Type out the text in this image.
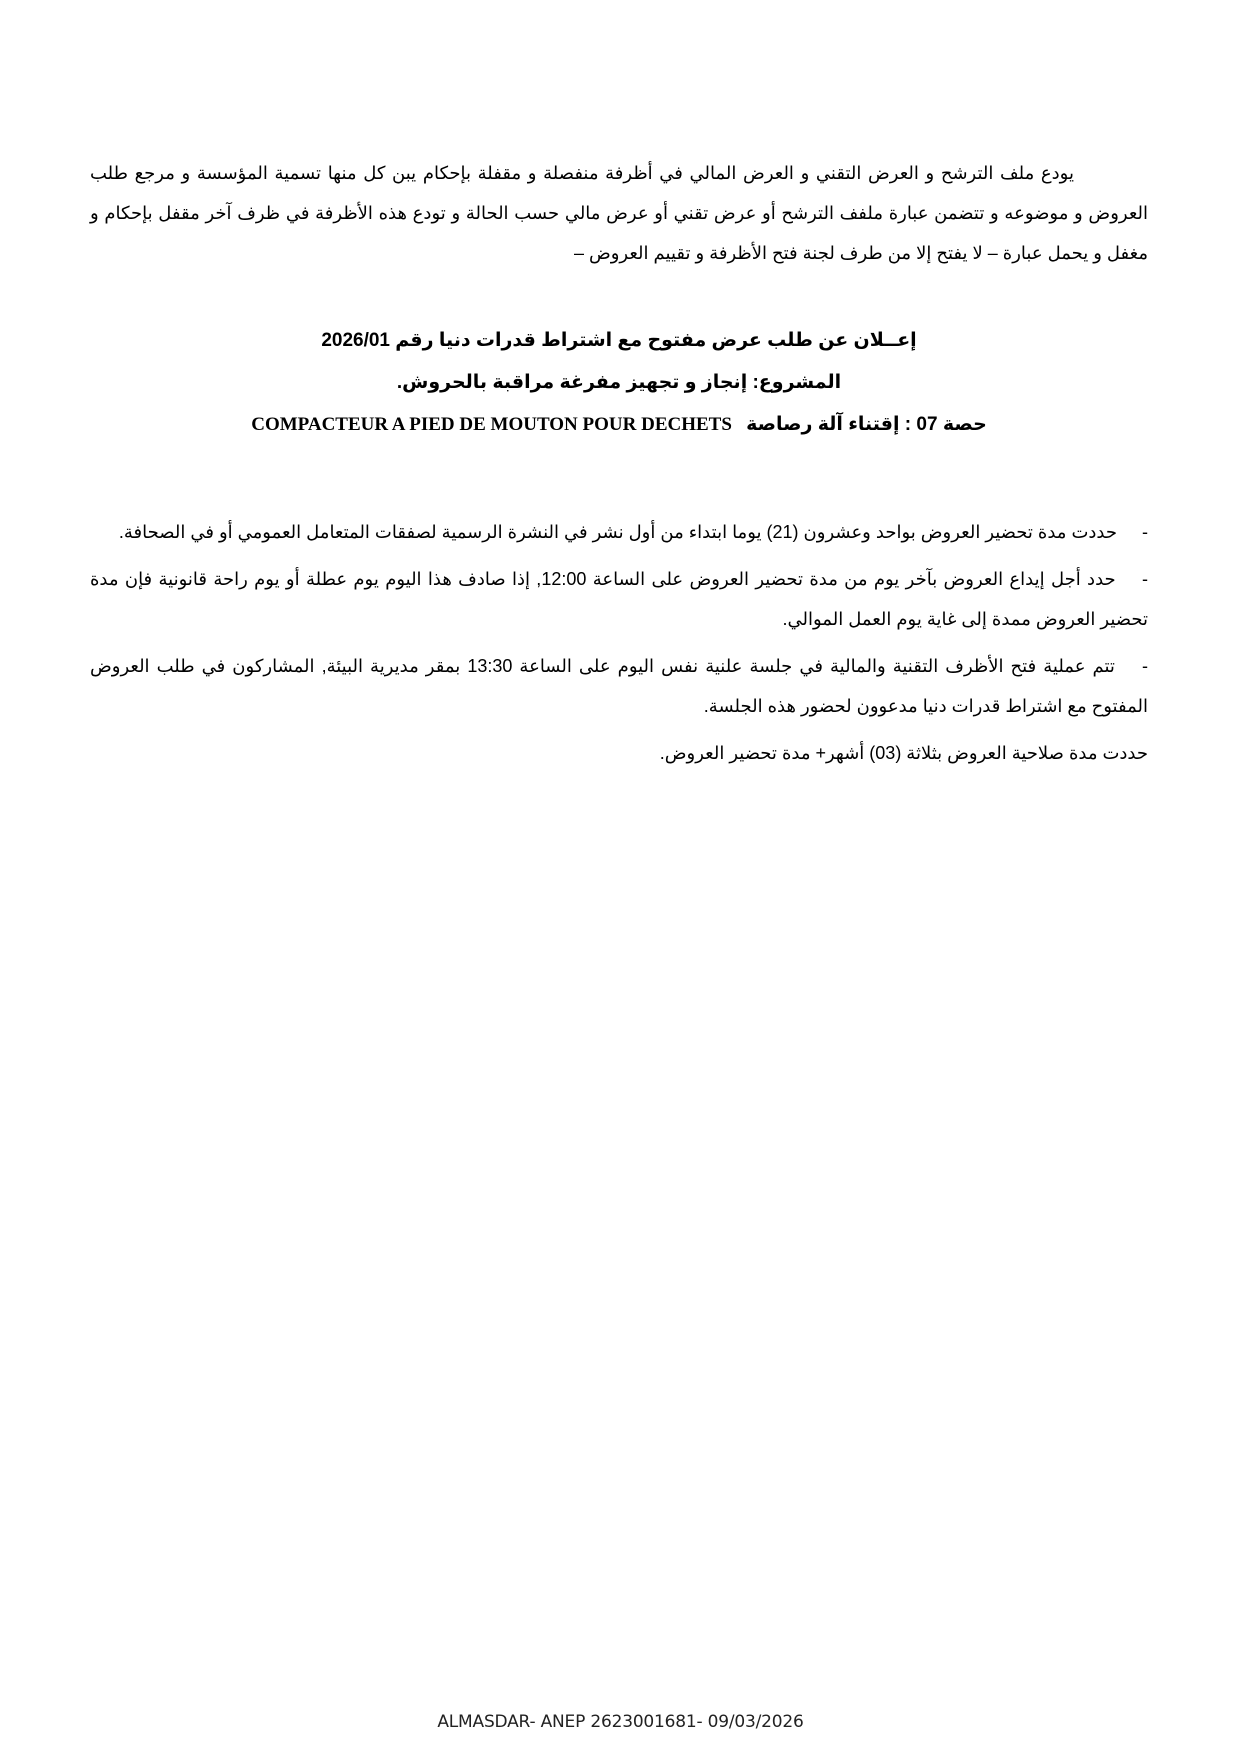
يودع ملف الترشح و العرض التقني و العرض المالي في أظرفة منفصلة و مقفلة بإحكام يبن كل منها تسمية المؤسسة و مرجع طلب العروض و موضوعه و تتضمن عبارة ملفف الترشح أو عرض تقني أو عرض مالي حسب الحالة و تودع هذه الأظرفة في ظرف آخر مقفل بإحكام و مغفل و يحمل عبارة – لا يفتح إلا من طرف لجنة فتح الأظرفة و تقييم العروض –

إعــلان عن طلب عرض مفتوح مع اشتراط قدرات دنيا رقم 2026/01

المشروع: إنجاز و تجهيز مفرغة مراقبة بالحروش.

حصة 07 : إقتناء آلة رصاصة   COMPACTEUR A PIED DE MOUTON POUR DECHETS

- حددت مدة تحضير العروض بواحد وعشرون (21) يوما ابتداء من أول نشر في النشرة الرسمية لصفقات المتعامل العمومي أو في الصحافة.

- حدد أجل إيداع العروض بآخر يوم من مدة تحضير العروض على الساعة 12:00, إذا صادف هذا اليوم يوم عطلة أو يوم راحة قانونية فإن مدة تحضير العروض ممدة إلى غاية يوم العمل الموالي.

- تتم عملية فتح الأظرف التقنية والمالية في جلسة علنية نفس اليوم على الساعة 13:30 بمقر مديرية البيئة, المشاركون في طلب العروض المفتوح مع اشتراط قدرات دنيا مدعوون لحضور هذه الجلسة.

حددت مدة صلاحية العروض بثلاثة (03) أشهر+ مدة تحضير العروض.

ALMASDAR- ANEP 2623001681- 09/03/2026
